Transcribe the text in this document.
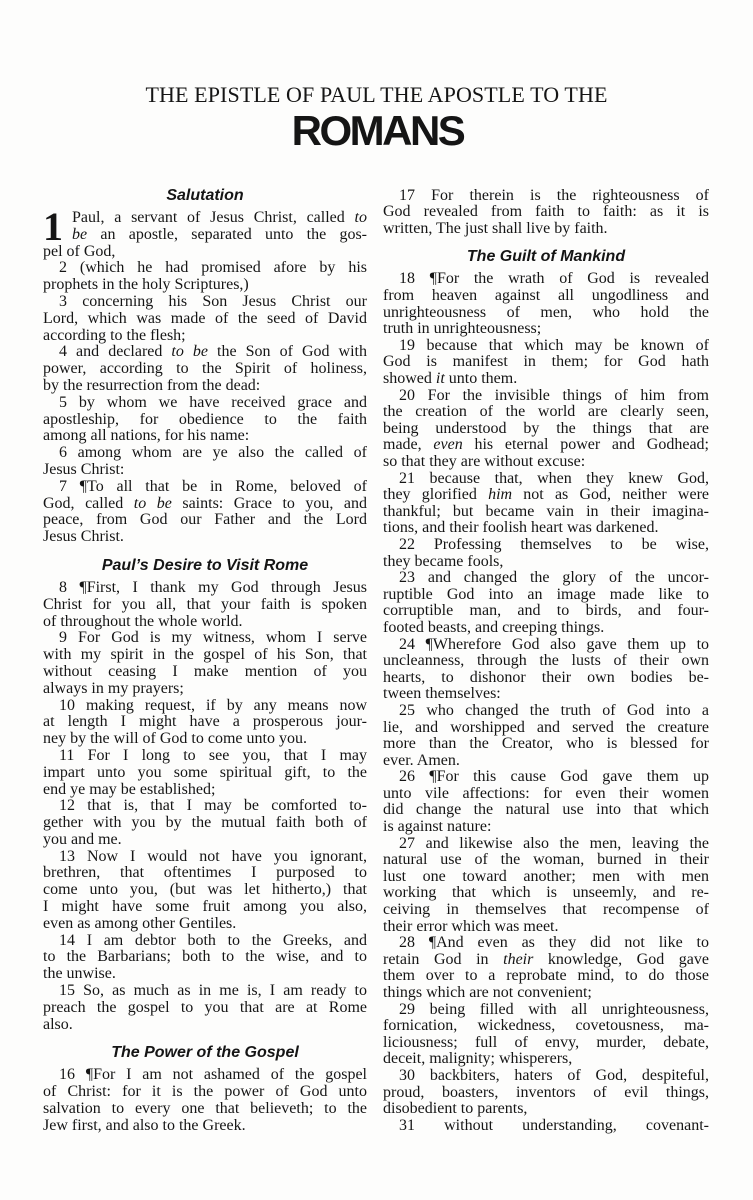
THE EPISTLE OF PAUL THE APOSTLE TO THE
ROMANS
Salutation
1 Paul, a servant of Jesus Christ, called to
be an apostle, separated unto the gos-
pel of God,
2 (which he had promised afore by his
prophets in the holy Scriptures,)
3 concerning his Son Jesus Christ our
Lord, which was made of the seed of David
according to the flesh;
4 and declared to be the Son of God with
power, according to the Spirit of holiness,
by the resurrection from the dead:
5 by whom we have received grace and
apostleship, for obedience to the faith
among all nations, for his name:
6 among whom are ye also the called of
Jesus Christ:
7 ¶To all that be in Rome, beloved of
God, called to be saints: Grace to you, and
peace, from God our Father and the Lord
Jesus Christ.
Paul’s Desire to Visit Rome
8 ¶First, I thank my God through Jesus
Christ for you all, that your faith is spoken
of throughout the whole world.
9 For God is my witness, whom I serve
with my spirit in the gospel of his Son, that
without ceasing I make mention of you
always in my prayers;
10 making request, if by any means now
at length I might have a prosperous jour-
ney by the will of God to come unto you.
11 For I long to see you, that I may
impart unto you some spiritual gift, to the
end ye may be established;
12 that is, that I may be comforted to-
gether with you by the mutual faith both of
you and me.
13 Now I would not have you ignorant,
brethren, that oftentimes I purposed to
come unto you, (but was let hitherto,) that
I might have some fruit among you also,
even as among other Gentiles.
14 I am debtor both to the Greeks, and
to the Barbarians; both to the wise, and to
the unwise.
15 So, as much as in me is, I am ready to
preach the gospel to you that are at Rome
also.
The Power of the Gospel
16 ¶For I am not ashamed of the gospel
of Christ: for it is the power of God unto
salvation to every one that believeth; to the
Jew first, and also to the Greek.
17 For therein is the righteousness of
God revealed from faith to faith: as it is
written, The just shall live by faith.
The Guilt of Mankind
18 ¶For the wrath of God is revealed
from heaven against all ungodliness and
unrighteousness of men, who hold the
truth in unrighteousness;
19 because that which may be known of
God is manifest in them; for God hath
showed it unto them.
20 For the invisible things of him from
the creation of the world are clearly seen,
being understood by the things that are
made, even his eternal power and Godhead;
so that they are without excuse:
21 because that, when they knew God,
they glorified him not as God, neither were
thankful; but became vain in their imagina-
tions, and their foolish heart was darkened.
22 Professing themselves to be wise,
they became fools,
23 and changed the glory of the uncor-
ruptible God into an image made like to
corruptible man, and to birds, and four-
footed beasts, and creeping things.
24 ¶Wherefore God also gave them up to
uncleanness, through the lusts of their own
hearts, to dishonor their own bodies be-
tween themselves:
25 who changed the truth of God into a
lie, and worshipped and served the creature
more than the Creator, who is blessed for
ever. Amen.
26 ¶For this cause God gave them up
unto vile affections: for even their women
did change the natural use into that which
is against nature:
27 and likewise also the men, leaving the
natural use of the woman, burned in their
lust one toward another; men with men
working that which is unseemly, and re-
ceiving in themselves that recompense of
their error which was meet.
28 ¶And even as they did not like to
retain God in their knowledge, God gave
them over to a reprobate mind, to do those
things which are not convenient;
29 being filled with all unrighteousness,
fornication, wickedness, covetousness, ma-
liciousness; full of envy, murder, debate,
deceit, malignity; whisperers,
30 backbiters, haters of God, despiteful,
proud, boasters, inventors of evil things,
disobedient to parents,
31 without understanding, covenant-
